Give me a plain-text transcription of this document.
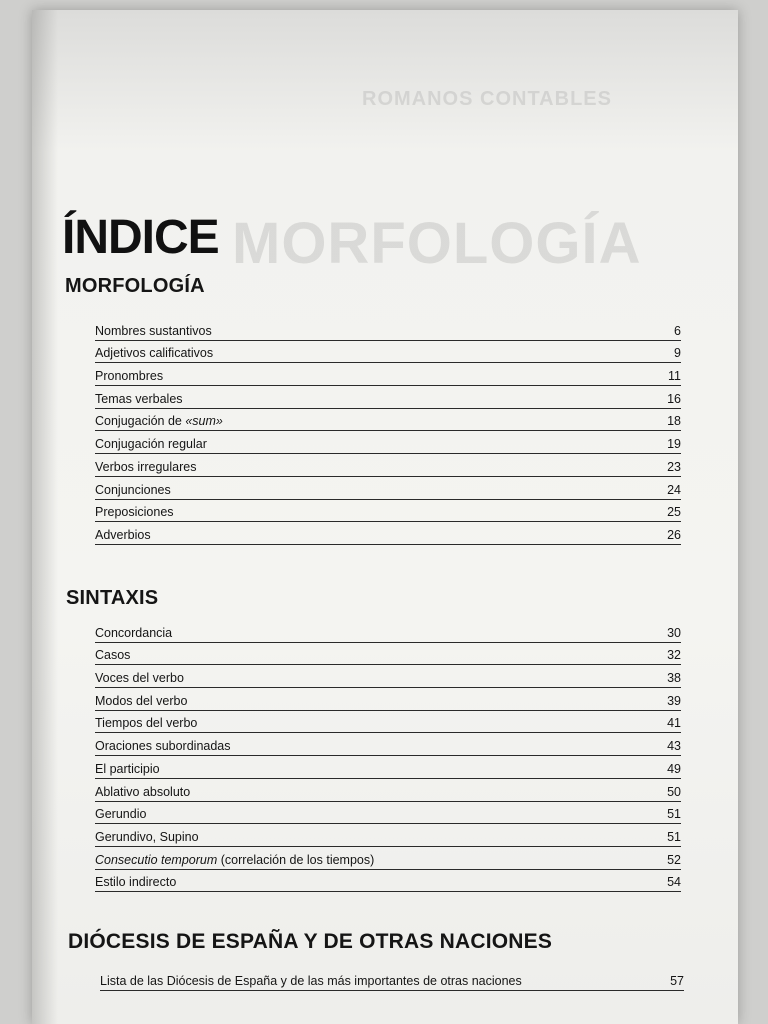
ROMANOS CONTABLES
MORFOLOGÍA
ÍNDICE
MORFOLOGÍA
Nombres sustantivos	6
Adjetivos calificativos	9
Pronombres	11
Temas verbales	16
Conjugación de «sum»	18
Conjugación regular	19
Verbos irregulares	23
Conjunciones	24
Preposiciones	25
Adverbios	26
SINTAXIS
Concordancia	30
Casos	32
Voces del verbo	38
Modos del verbo	39
Tiempos del verbo	41
Oraciones subordinadas	43
El participio	49
Ablativo absoluto	50
Gerundio	51
Gerundivo, Supino	51
Consecutio temporum (correlación de los tiempos)	52
Estilo indirecto	54
DIÓCESIS DE ESPAÑA Y DE OTRAS NACIONES
Lista de las Diócesis de España y de las más importantes de otras naciones	57
